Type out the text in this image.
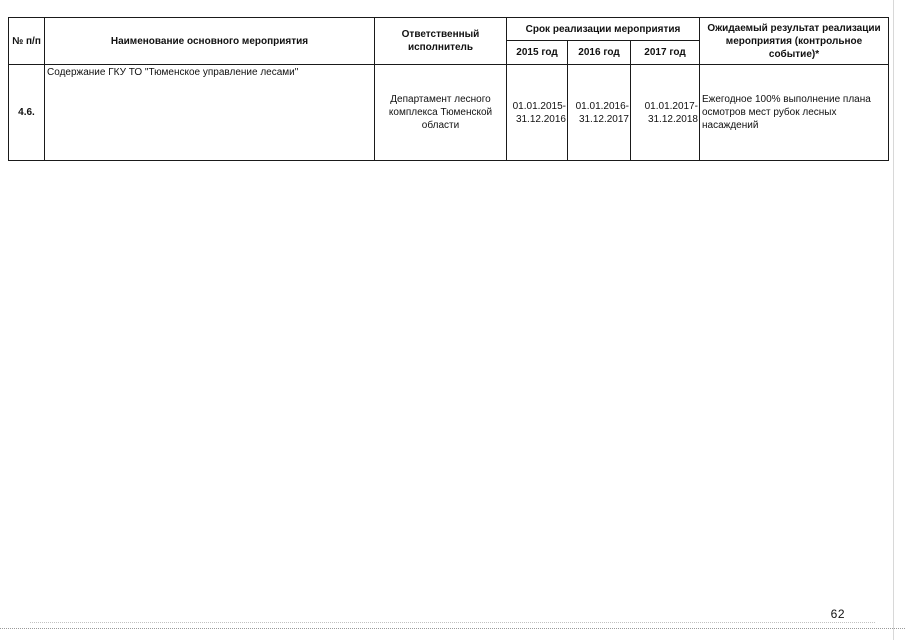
№ п/п	Наименование основного мероприятия	Ответственный исполнитель	Срок реализации мероприятия			Ожидаемый результат реализации мероприятия (контрольное событие)*
			2015 год	2016 год	2017 год	
4.6.	Содержание ГКУ ТО "Тюменское управление лесами"	Департамент лесного комплекса Тюменской области	01.01.2015-31.12.2016	01.01.2016-31.12.2017	01.01.2017-31.12.2018	Ежегодное 100% выполнение плана осмотров мест рубок лесных насаждений
62
